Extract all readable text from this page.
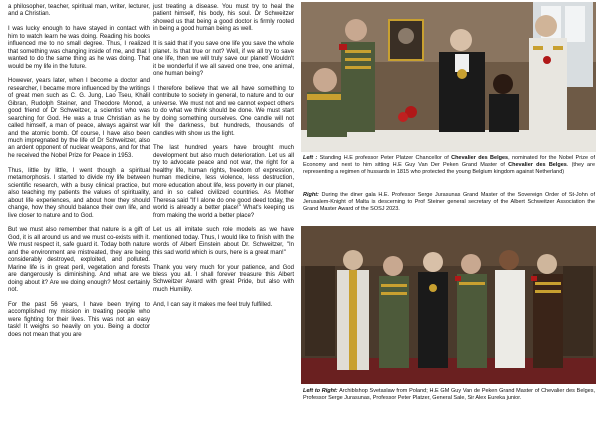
a philosopher, teacher, spiritual man, writer, lecturer, and a Christian.

I was lucky enough to have stayed in contact with him to watch learn he was doing. Reading his books influenced me to no small degree. Thus, I realized that something was changing inside of me, and that I wanted to do the same thing as he was doing. That would be my life in the future.

However, years later, when I become a doctor and researcher, I became more influenced by the writings of great men such as C. G. Jung, Lao Tseu, Khalil Gibran, Rudolph Steiner, and Theodore Monod, a good friend of Dr Schweitzer, a scientist who was searching for God. He was a true Christian as he called himself, a man of peace, always against war and the atomic bomb. Of course, I have also been much impregnated by the life of Dr Schweitzer, also an ardent opponent of nuclear weapons, and for that he received the Nobel Prize for Peace in 1953.

Thus, little by little, I went though a spiritual metamorphosis. I started to divide my life between scientific research, with a busy clinical practice, but also teaching my patients the values of spirituality, about life experiences, and about how they should change, how they should balance their own life, and live closer to nature and to God.

But we must also remember that nature is a gift of God, it is all around us and we must co-exists with it. We must respect it, safe guard it. Today both nature and the environment are mistreated, they are being considerably destroyed, exploited, and polluted. Marine life is in great peril, vegetation and forests are dangerously is diminishing. And what are we doing about it? Are we doing enough? Most certainly not.

For the past 56 years, I have been trying to accomplished my mission in treating people who were fighting for their lives. This was not an easy task! It weighs so heavily on you. Being a doctor does not mean that you are

just treating a disease. You must try to heal the patient himself, his body, his soul. Dr Schweitzer showed us that being a good doctor is firmly rooted in being a good human being as well.

It is said that if you save one life you save the whole planet. Is that true or not? Well, if we all try to save one life, then we will truly save our planet! Wouldn't it be wonderful if we all saved one tree, one animal, one human being?

I therefore believe that we all have something to contribute to society in general, to nature and to our universe. We must not and we cannot expect others to do what we think should be done. We must start by doing something ourselves. One candle will not kill the darkness, but hundreds, thousands of candles with show us the light.

The last hundred years have brought much development but also much deterioration. Let us all try to advocate peace and not war, the right for a healthy life, human rights, freedom of expression, human medicine, less violence, less destruction, more education about life, less poverty in our planet, and in so called civilized countries. As Mother Theresa said "If I alone do one good deed today, the world is already a better place!" What's keeping us from making the world a better place?

Let us all imitate such role models as we have mentioned today. Thus, I would like to finish with the words of Albert Einstein about Dr. Schweitzer, "In this sad world which is ours, here is a great man!"

Thank you very much for your patience, and God bless you all. I shall forever treasure this Albert Schweitzer Award with great Pride, but also with much Humility.

And, I can say it makes me feel truly fulfilled.

Left : Standing H.E professor Peter Platzer Chancellor of Chevalier des Belges, nominated for the Nobel Prize of Economy and next to him sitting H.E Guy Van Der Peken Grand Master of Chevalier des Belges. (they are representing a regimen of hussards in 1815 who protected the young Belgium kingdom against Netherland)
Right: During the diner gala H.E. Professor Serge Jurasunas Grand Master of the Sovereign Order of St-John of Jerusalem-Knight of Malta is descerning to Prof Steiner general secretary of the Albert Schweitzer Association the Grand Master Award of the SOSJ 2023.
Left to Right: Archiblshop Svetaslaw from Poland; H.E GM Guy Van de Peken Grand Master of Chevalier des Belges, Professor Serge Jurasunas, Professor Peter Platzer, General Sale, Sir Alex Eureka junior.
